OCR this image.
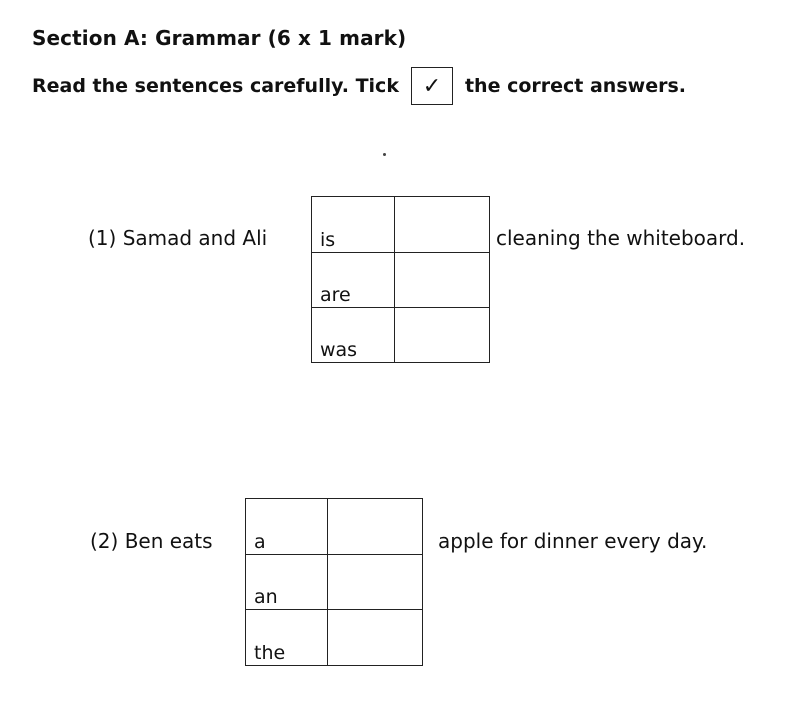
Section A: Grammar (6 x 1 mark)
Read the sentences carefully. Tick	✓	the correct answers.
(1) Samad and Ali	is	
are	
was	
cleaning the whiteboard.
(2) Ben eats a	
an	
the	
apple for dinner every day.
